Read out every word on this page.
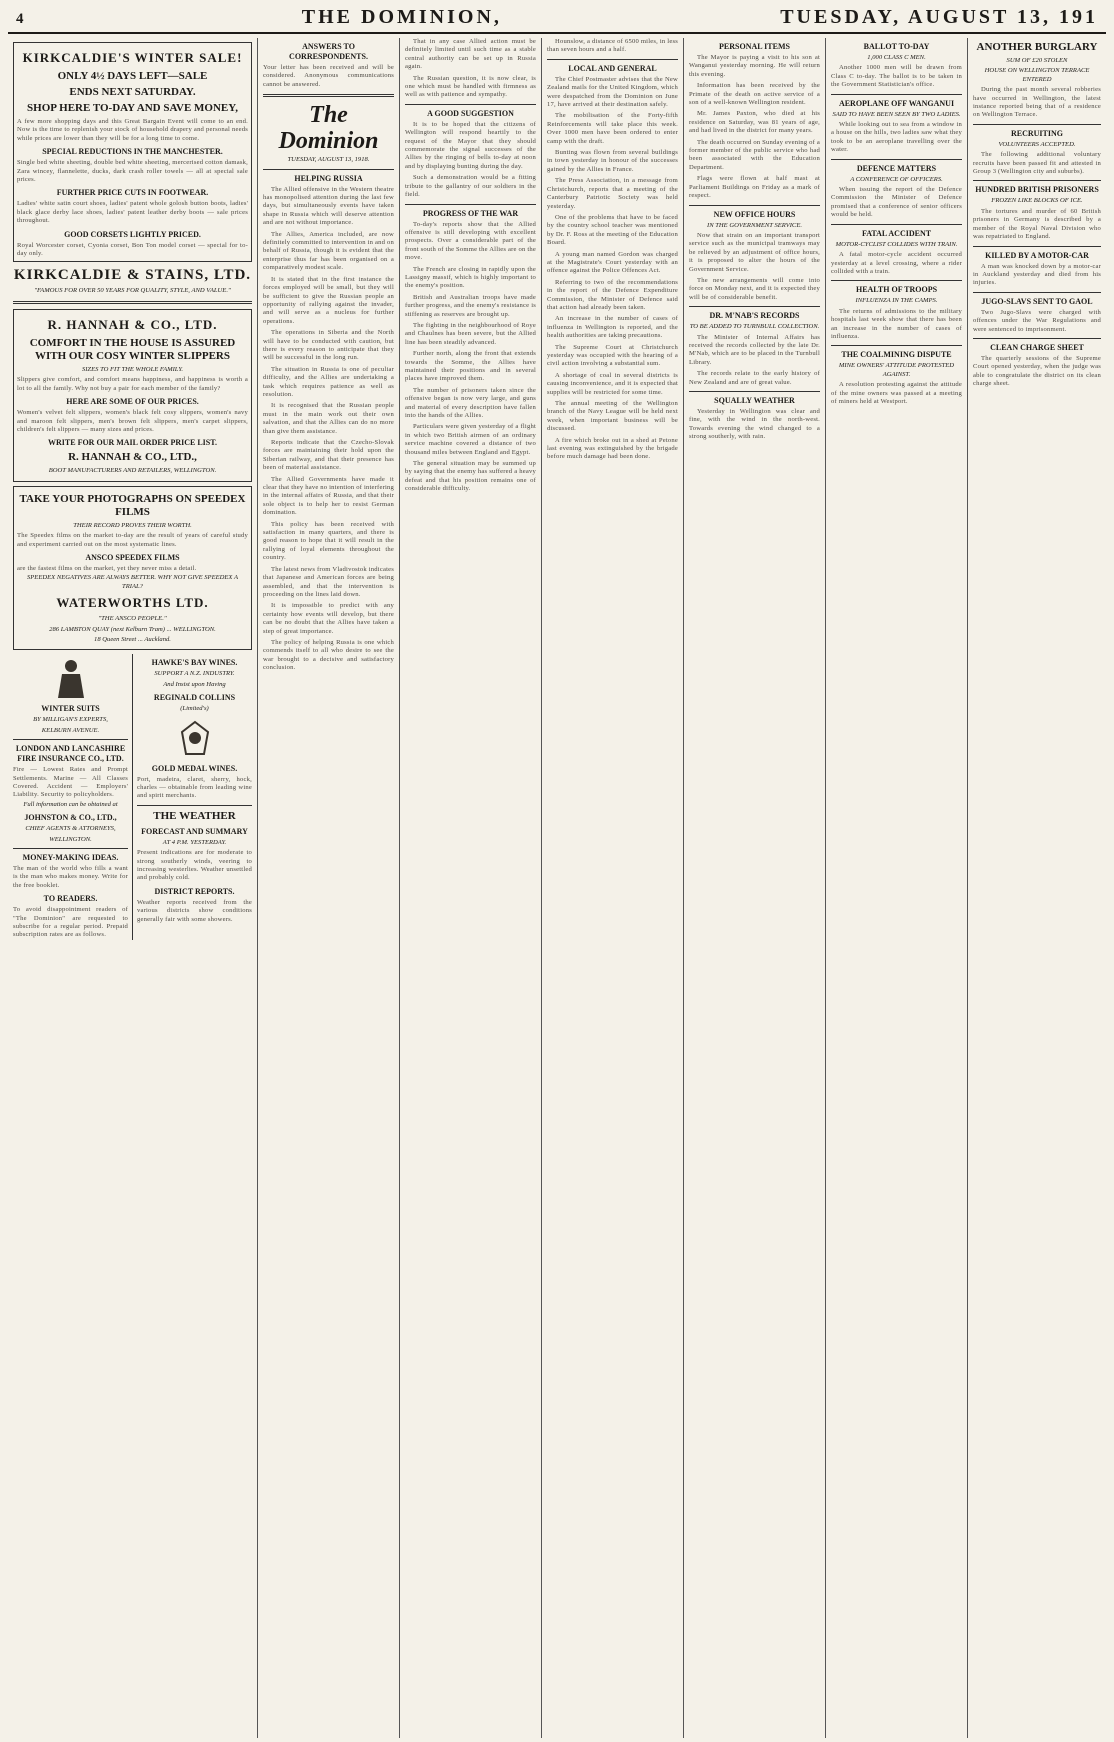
4	THE DOMINION,	TUESDAY, AUGUST 13, 191
KIRKCALDIE'S WINTER SALE!
ONLY 4½ DAYS LEFT—SALE
ENDS NEXT SATURDAY.
SHOP HERE TO-DAY AND SAVE MONEY,
A few more shopping days and this Great Bargain Event will come to an end. Now is the time to replenish your stock of household drapery and personal needs while prices are lower than they will be for a long time to come.
SPECIAL REDUCTIONS IN THE MANCHESTER.
Single bed white sheeting, double bed white sheeting, mercerised cotton damask, Zara wincey, flannelette, ducks, dark crash roller towels — all at special sale prices.
FURTHER PRICE CUTS IN FOOTWEAR.
Ladies' white satin court shoes, ladies' patent whole golosh button boots, ladies' black glace derby lace shoes, ladies' patent leather derby boots — sale prices throughout.
GOOD CORSETS LIGHTLY PRICED.
Royal Worcester corset, Cyonia corset, Bon Ton model corset — special for to-day only.
KIRKCALDIE & STAINS, LTD.
"FAMOUS FOR OVER 50 YEARS FOR QUALITY, STYLE, AND VALUE."
R. HANNAH & CO., LTD.
COMFORT IN THE HOUSE IS ASSURED WITH OUR COSY WINTER SLIPPERS
SIZES TO FIT THE WHOLE FAMILY.
Slippers give comfort, and comfort means happiness, and happiness is worth a lot to all the family. Why not buy a pair for each member of the family?
HERE ARE SOME OF OUR PRICES.
Women's velvet felt slippers, women's black felt cosy slippers, women's navy and maroon felt slippers, men's brown felt slippers, men's carpet slippers, children's felt slippers — many sizes and prices.
WRITE FOR OUR MAIL ORDER PRICE LIST.
R. HANNAH & CO., LTD.,
BOOT MANUFACTURERS AND RETAILERS, WELLINGTON.
TAKE YOUR PHOTOGRAPHS ON SPEEDEX FILMS
THEIR RECORD PROVES THEIR WORTH.
The Speedex films on the market to-day are the result of years of careful study and experiment carried out on the most systematic lines.
ANSCO SPEEDEX FILMS
are the fastest films on the market, yet they never miss a detail.
SPEEDEX NEGATIVES ARE ALWAYS BETTER. WHY NOT GIVE SPEEDEX A TRIAL?
WATERWORTHS LTD.
"THE ANSCO PEOPLE."
286 LAMBTON QUAY (next Kelburn Tram) ... WELLINGTON.
18 Queen Street ... Auckland.
WINTER SUITS
BY MILLIGAN'S EXPERTS,
KELBURN AVENUE.
LONDON AND LANCASHIRE FIRE INSURANCE CO., LTD.
Fire — Lowest Rates and Prompt Settlements. Marine — All Classes Covered. Accident — Employers' Liability. Security to policyholders.
Full information can be obtained at
JOHNSTON & CO., LTD.,
CHIEF AGENTS & ATTORNEYS,
WELLINGTON.
MONEY-MAKING IDEAS.
The man of the world who fills a want is the man who makes money. Write for the free booklet.
TO READERS.
To avoid disappointment readers of "The Dominion" are requested to subscribe for a regular period. Prepaid subscription rates are as follows.
HAWKE'S BAY WINES.
SUPPORT A N.Z. INDUSTRY.
And Insist upon Having
REGINALD COLLINS
(Limited's)
GOLD MEDAL WINES.
Port, madeira, claret, sherry, hock, charles — obtainable from leading wine and spirit merchants.
THE WEATHER
FORECAST AND SUMMARY
AT 4 P.M. YESTERDAY.
Present indications are for moderate to strong southerly winds, veering to increasing westerlies. Weather unsettled and probably cold.
DISTRICT REPORTS.
Weather reports received from the various districts show conditions generally fair with some showers.
ANSWERS TO CORRESPONDENTS.
Your letter has been received and will be considered. Anonymous communications cannot be answered.
The Dominion
TUESDAY, AUGUST 13, 1918.
HELPING RUSSIA

The Allied offensive in the Western theatre has monopolised attention during the last few days, but simultaneously events have taken shape in Russia which will deserve attention and are not without importance.

The Allies, America included, are now definitely committed to intervention in and on behalf of Russia, though it is evident that the enterprise thus far has been organised on a comparatively modest scale.

It is stated that in the first instance the forces employed will be small, but they will be sufficient to give the Russian people an opportunity of rallying against the invader, and will serve as a nucleus for further operations.

The operations in Siberia and the North will have to be conducted with caution, but there is every reason to anticipate that they will be successful in the long run.

The situation in Russia is one of peculiar difficulty, and the Allies are undertaking a task which requires patience as well as resolution.

It is recognised that the Russian people must in the main work out their own salvation, and that the Allies can do no more than give them assistance.

Reports indicate that the Czecho-Slovak forces are maintaining their hold upon the Siberian railway, and that their presence has been of material assistance.

The Allied Governments have made it clear that they have no intention of interfering in the internal affairs of Russia, and that their sole object is to help her to resist German domination.

This policy has been received with satisfaction in many quarters, and there is good reason to hope that it will result in the rallying of loyal elements throughout the country.

The latest news from Vladivostok indicates that Japanese and American forces are being assembled, and that the intervention is proceeding on the lines laid down.

It is impossible to predict with any certainty how events will develop, but there can be no doubt that the Allies have taken a step of great importance.

The policy of helping Russia is one which commends itself to all who desire to see the war brought to a decisive and satisfactory conclusion.

That in any case Allied action must be definitely limited until such time as a stable central authority can be set up in Russia again.

The Russian question, it is now clear, is one which must be handled with firmness as well as with patience and sympathy.

A GOOD SUGGESTION

It is to be hoped that the citizens of Wellington will respond heartily to the request of the Mayor that they should commemorate the signal successes of the Allies by the ringing of bells to-day at noon and by displaying bunting during the day.

Such a demonstration would be a fitting tribute to the gallantry of our soldiers in the field.

PROGRESS OF THE WAR

To-day's reports show that the Allied offensive is still developing with excellent prospects. Over a considerable part of the front south of the Somme the Allies are on the move.

The French are closing in rapidly upon the Lassigny massif, which is highly important to the enemy's position.

British and Australian troops have made further progress, and the enemy's resistance is stiffening as reserves are brought up.

The fighting in the neighbourhood of Roye and Chaulnes has been severe, but the Allied line has been steadily advanced.

Further north, along the front that extends towards the Somme, the Allies have maintained their positions and in several places have improved them.

The number of prisoners taken since the offensive began is now very large, and guns and material of every description have fallen into the hands of the Allies.

Particulars were given yesterday of a flight in which two British airmen of an ordinary service machine covered a distance of two thousand miles between England and Egypt.

The general situation may be summed up by saying that the enemy has suffered a heavy defeat and that his position remains one of considerable difficulty.

Hounslow, a distance of 6500 miles, in less than seven hours and a half.

LOCAL AND GENERAL

The Chief Postmaster advises that the New Zealand mails for the United Kingdom, which were despatched from the Dominion on June 17, have arrived at their destination safely.

The mobilisation of the Forty-fifth Reinforcements will take place this week. Over 1000 men have been ordered to enter camp with the draft.

Bunting was flown from several buildings in town yesterday in honour of the successes gained by the Allies in France.

The Press Association, in a message from Christchurch, reports that a meeting of the Canterbury Patriotic Society was held yesterday.

One of the problems that have to be faced by the country school teacher was mentioned by Dr. F. Ross at the meeting of the Education Board.

A young man named Gordon was charged at the Magistrate's Court yesterday with an offence against the Police Offences Act.

Referring to two of the recommendations in the report of the Defence Expenditure Commission, the Minister of Defence said that action had already been taken.

An increase in the number of cases of influenza in Wellington is reported, and the health authorities are taking precautions.

The Supreme Court at Christchurch yesterday was occupied with the hearing of a civil action involving a substantial sum.

A shortage of coal in several districts is causing inconvenience, and it is expected that supplies will be restricted for some time.

The annual meeting of the Wellington branch of the Navy League will be held next week, when important business will be discussed.

A fire which broke out in a shed at Petone last evening was extinguished by the brigade before much damage had been done.

PERSONAL ITEMS

The Mayor is paying a visit to his son at Wanganui yesterday morning. He will return this evening.

Information has been received by the Primate of the death on active service of a son of a well-known Wellington resident.

Mr. James Paxton, who died at his residence on Saturday, was 81 years of age, and had lived in the district for many years.

The death occurred on Sunday evening of a former member of the public service who had been associated with the Education Department.

Flags were flown at half mast at Parliament Buildings on Friday as a mark of respect.

NEW OFFICE HOURS
IN THE GOVERNMENT SERVICE.

Now that strain on an important transport service such as the municipal tramways may be relieved by an adjustment of office hours, it is proposed to alter the hours of the Government Service.

The new arrangements will come into force on Monday next, and it is expected they will be of considerable benefit.

DR. M'NAB'S RECORDS
TO BE ADDED TO TURNBULL COLLECTION.

The Minister of Internal Affairs has received the records collected by the late Dr. M'Nab, which are to be placed in the Turnbull Library.

The records relate to the early history of New Zealand and are of great value.

SQUALLY WEATHER

Yesterday in Wellington was clear and fine, with the wind in the north-west. Towards evening the wind changed to a strong southerly, with rain.

BALLOT TO-DAY
1,000 CLASS C MEN.

Another 1000 men will be drawn from Class C to-day. The ballot is to be taken in the Government Statistician's office.

AEROPLANE OFF WANGANUI
SAID TO HAVE BEEN SEEN BY TWO LADIES.

While looking out to sea from a window in a house on the hills, two ladies saw what they took to be an aeroplane travelling over the water.

DEFENCE MATTERS
A CONFERENCE OF OFFICERS.

When issuing the report of the Defence Commission the Minister of Defence promised that a conference of senior officers would be held.

FATAL ACCIDENT
MOTOR-CYCLIST COLLIDES WITH TRAIN.

A fatal motor-cycle accident occurred yesterday at a level crossing, where a rider collided with a train.

HEALTH OF TROOPS
INFLUENZA IN THE CAMPS.

The returns of admissions to the military hospitals last week show that there has been an increase in the number of cases of influenza.

THE COALMINING DISPUTE
MINE OWNERS' ATTITUDE PROTESTED AGAINST.

A resolution protesting against the attitude of the mine owners was passed at a meeting of miners held at Westport.

ANOTHER BURGLARY
SUM OF £20 STOLEN
HOUSE ON WELLINGTON TERRACE ENTERED

During the past month several robberies have occurred in Wellington, the latest instance reported being that of a residence on Wellington Terrace.

RECRUITING
VOLUNTEERS ACCEPTED.

The following additional voluntary recruits have been passed fit and attested in Group 3 (Wellington city and suburbs).

HUNDRED BRITISH PRISONERS
FROZEN LIKE BLOCKS OF ICE.

The tortures and murder of 60 British prisoners in Germany is described by a member of the Royal Naval Division who was repatriated to England.

KILLED BY A MOTOR-CAR

A man was knocked down by a motor-car in Auckland yesterday and died from his injuries.

JUGO-SLAVS SENT TO GAOL

Two Jugo-Slavs were charged with offences under the War Regulations and were sentenced to imprisonment.

CLEAN CHARGE SHEET

The quarterly sessions of the Supreme Court opened yesterday, when the judge was able to congratulate the district on its clean charge sheet.
